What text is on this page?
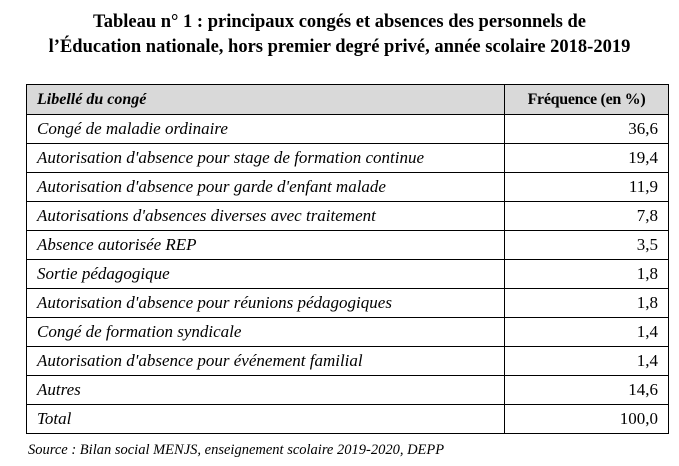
Tableau n° 1 : principaux congés et absences des personnels de
l’Éducation nationale, hors premier degré privé, année scolaire 2018-2019
Libellé du congé	Fréquence (en %)
Congé de maladie ordinaire	36,6
Autorisation d'absence pour stage de formation continue	19,4
Autorisation d'absence pour garde d'enfant malade	11,9
Autorisations d'absences diverses avec traitement	7,8
Absence autorisée REP	3,5
Sortie pédagogique	1,8
Autorisation d'absence pour réunions pédagogiques	1,8
Congé de formation syndicale	1,4
Autorisation d'absence pour événement familial	1,4
Autres	14,6
Total	100,0
Source : Bilan social MENJS, enseignement scolaire 2019-2020, DEPP
